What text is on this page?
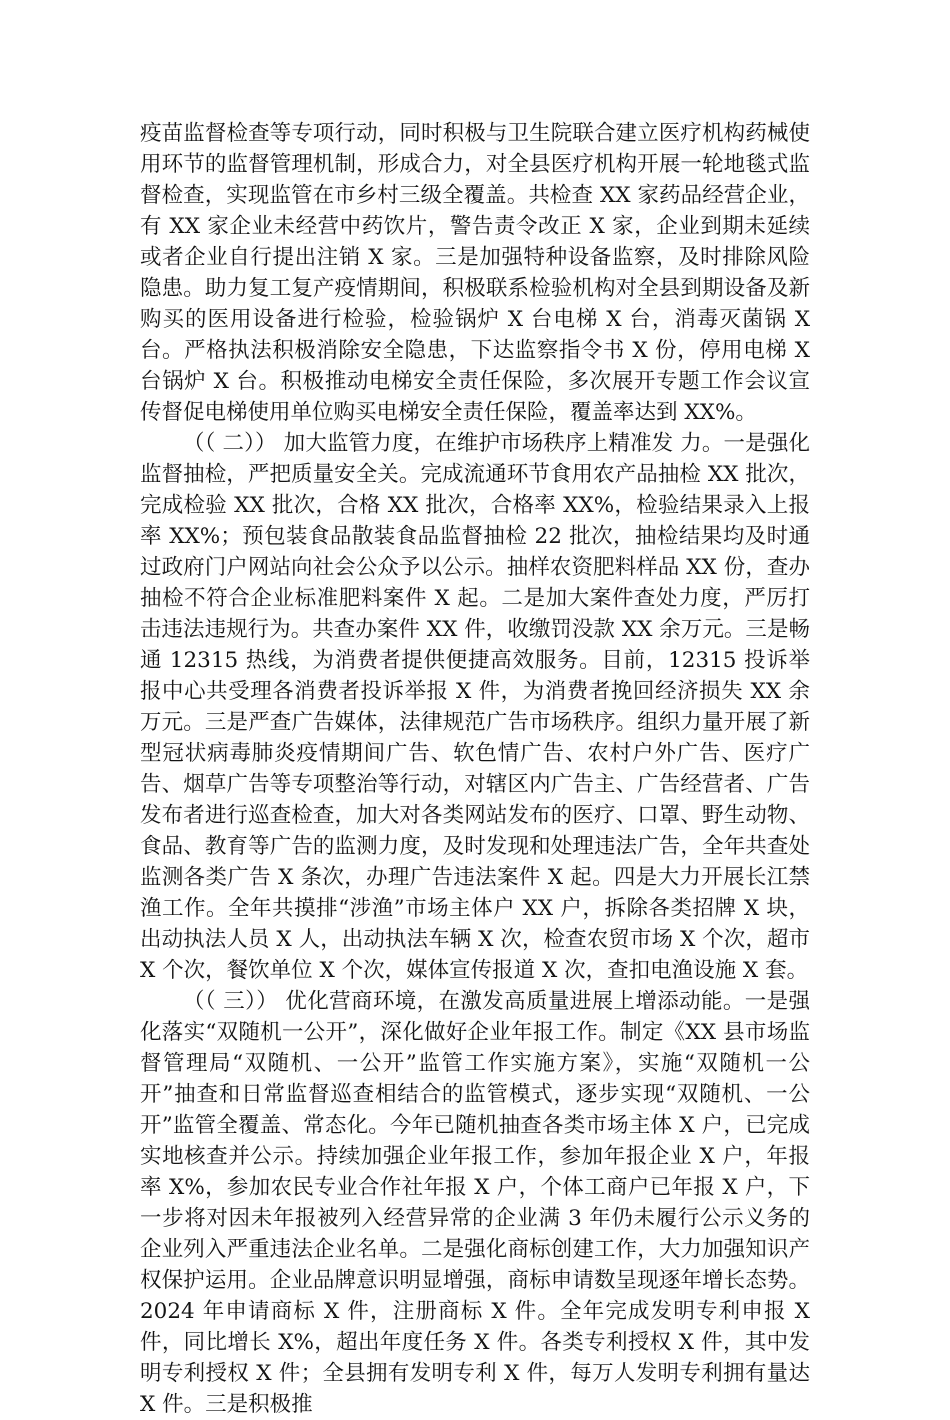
疫苗监督检查等专项行动，同时积极与卫生院联合建立医疗机构药械使用环节的监督管理机制，形成合力，对全县医疗机构开展一轮地毯式监督检查，实现监管在市乡村三级全覆盖。共检查 XX 家药品经营企业，有 XX 家企业未经营中药饮片，警告责令改正 X 家，企业到期未延续或者企业自行提出注销 X 家。三是加强特种设备监察，及时排除风险隐患。助力复工复产疫情期间，积极联系检验机构对全县到期设备及新购买的医用设备进行检验，检验锅炉 X 台电梯 X 台，消毒灭菌锅 X 台。严格执法积极消除安全隐患，下达监察指令书 X 份，停用电梯 X 台锅炉 X 台。积极推动电梯安全责任保险，多次展开专题工作会议宣传督促电梯使用单位购买电梯安全责任保险，覆盖率达到 XX%。

（（ 二）） 加大监管力度，在维护市场秩序上精准发 力。一是强化监督抽检，严把质量安全关。完成流通环节食用农产品抽检 XX 批次，完成检验 XX 批次，合格 XX 批次，合格率 XX%，检验结果录入上报率 XX%；预包装食品散装食品监督抽检 22 批次，抽检结果均及时通过政府门户网站向社会公众予以公示。抽样农资肥料样品 XX 份，查办抽检不符合企业标准肥料案件 X 起。二是加大案件查处力度，严厉打击违法违规行为。共查办案件 XX 件，收缴罚没款 XX 余万元。三是畅通 12315 热线，为消费者提供便捷高效服务。目前，12315 投诉举报中心共受理各消费者投诉举报 X 件，为消费者挽回经济损失 XX 余万元。三是严查广告媒体，法律规范广告市场秩序。组织力量开展了新型冠状病毒肺炎疫情期间广告、软色情广告、农村户外广告、医疗广告、烟草广告等专项整治等行动，对辖区内广告主、广告经营者、广告发布者进行巡查检查，加大对各类网站发布的医疗、口罩、野生动物、食品、教育等广告的监测力度，及时发现和处理违法广告，全年共查处监测各类广告 X 条次，办理广告违法案件 X 起。四是大力开展长江禁渔工作。全年共摸排“涉渔”市场主体户 XX 户，拆除各类招牌 X 块，出动执法人员 X 人，出动执法车辆 X 次，检查农贸市场 X 个次，超市 X 个次，餐饮单位 X 个次，媒体宣传报道 X 次，查扣电渔设施 X 套。

（（ 三）） 优化营商环境，在激发高质量进展上增添动能。一是强化落实“双随机一公开”，深化做好企业年报工作。制定《XX 县市场监督管理局“双随机、一公开”监管工作实施方案》，实施“双随机一公开”抽查和日常监督巡查相结合的监管模式，逐步实现“双随机、一公开”监管全覆盖、常态化。今年已随机抽查各类市场主体 X 户，已完成实地核查并公示。持续加强企业年报工作，参加年报企业 X 户，年报率 X%，参加农民专业合作社年报 X 户，个体工商户已年报 X 户，下一步将对因未年报被列入经营异常的企业满 3 年仍未履行公示义务的企业列入严重违法企业名单。二是强化商标创建工作，大力加强知识产权保护运用。企业品牌意识明显增强，商标申请数呈现逐年增长态势。2024 年申请商标 X 件，注册商标 X 件。全年完成发明专利申报 X 件，同比增长 X%，超出年度任务 X 件。各类专利授权 X 件，其中发明专利授权 X 件；全县拥有发明专利 X 件，每万人发明专利拥有量达 X 件。三是积极推
